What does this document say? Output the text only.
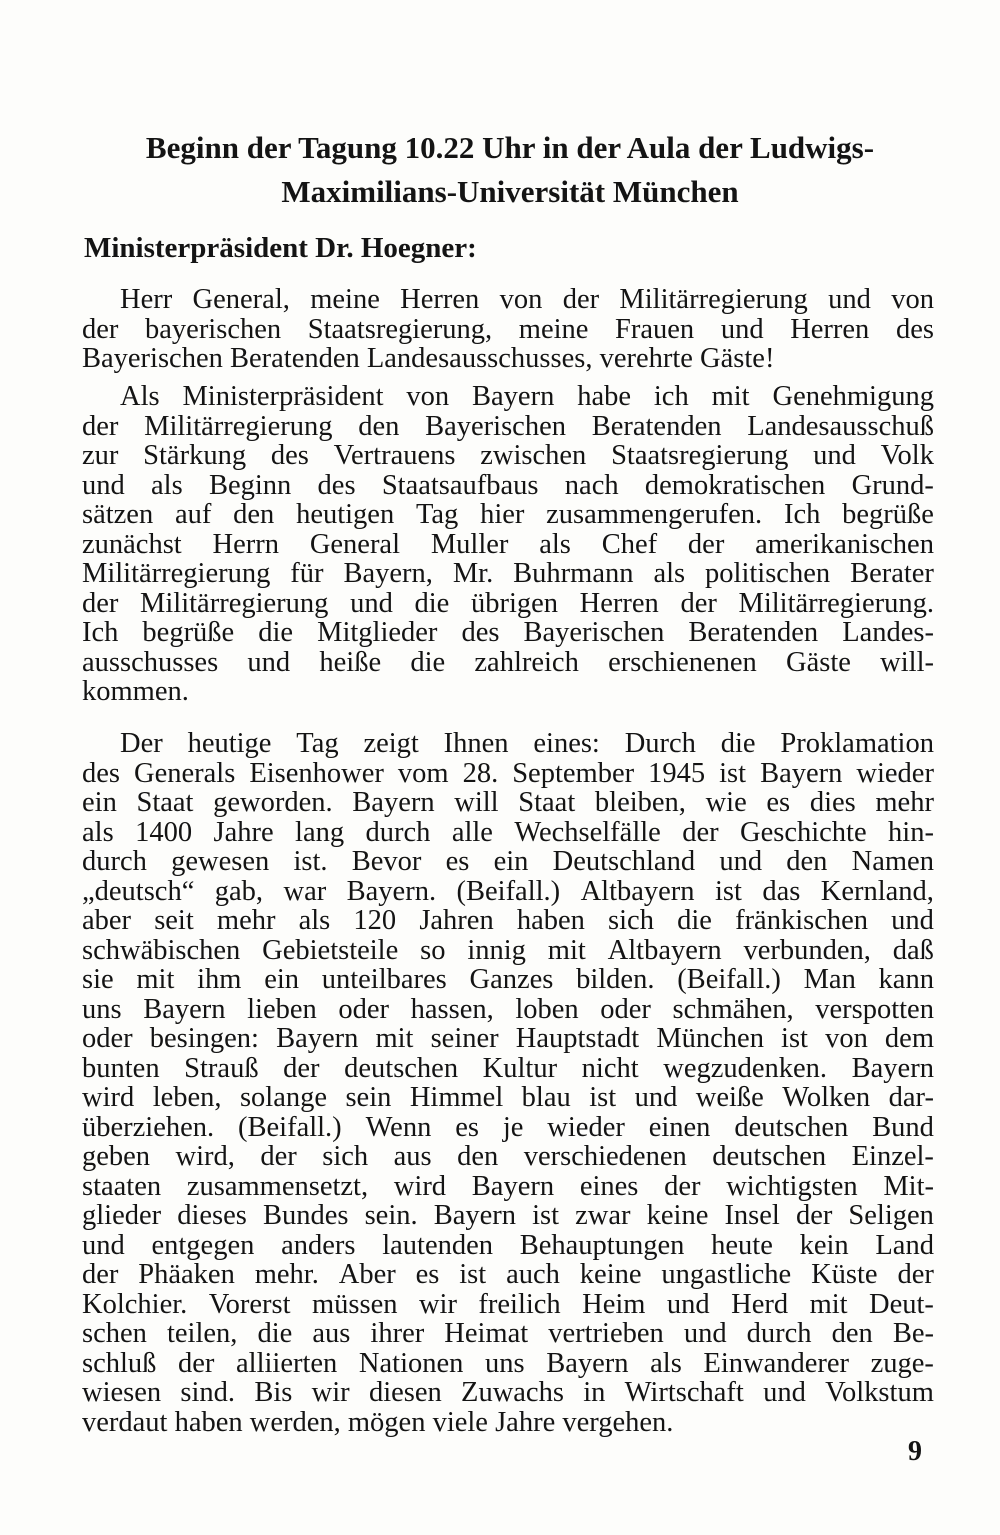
Beginn der Tagung 10.22 Uhr in der Aula der Ludwigs-
Maximilians-Universität München
Ministerpräsident Dr. Hoegner:
Herr General, meine Herren von der Militärregierung und von
der bayerischen Staatsregierung, meine Frauen und Herren des
Bayerischen Beratenden Landesausschusses, verehrte Gäste!
Als Ministerpräsident von Bayern habe ich mit Genehmigung
der Militärregierung den Bayerischen Beratenden Landesausschuß
zur Stärkung des Vertrauens zwischen Staatsregierung und Volk
und als Beginn des Staatsaufbaus nach demokratischen Grund-
sätzen auf den heutigen Tag hier zusammengerufen. Ich begrüße
zunächst Herrn General Muller als Chef der amerikanischen
Militärregierung für Bayern, Mr. Buhrmann als politischen Berater
der Militärregierung und die übrigen Herren der Militärregierung.
Ich begrüße die Mitglieder des Bayerischen Beratenden Landes-
ausschusses und heiße die zahlreich erschienenen Gäste will-
kommen.
Der heutige Tag zeigt Ihnen eines: Durch die Proklamation
des Generals Eisenhower vom 28. September 1945 ist Bayern wieder
ein Staat geworden. Bayern will Staat bleiben, wie es dies mehr
als 1400 Jahre lang durch alle Wechselfälle der Geschichte hin-
durch gewesen ist. Bevor es ein Deutschland und den Namen
„deutsch“ gab, war Bayern. (Beifall.) Altbayern ist das Kernland,
aber seit mehr als 120 Jahren haben sich die fränkischen und
schwäbischen Gebietsteile so innig mit Altbayern verbunden, daß
sie mit ihm ein unteilbares Ganzes bilden. (Beifall.) Man kann
uns Bayern lieben oder hassen, loben oder schmähen, verspotten
oder besingen: Bayern mit seiner Hauptstadt München ist von dem
bunten Strauß der deutschen Kultur nicht wegzudenken. Bayern
wird leben, solange sein Himmel blau ist und weiße Wolken dar-
überziehen. (Beifall.) Wenn es je wieder einen deutschen Bund
geben wird, der sich aus den verschiedenen deutschen Einzel-
staaten zusammensetzt, wird Bayern eines der wichtigsten Mit-
glieder dieses Bundes sein. Bayern ist zwar keine Insel der Seligen
und entgegen anders lautenden Behauptungen heute kein Land
der Phäaken mehr. Aber es ist auch keine ungastliche Küste der
Kolchier. Vorerst müssen wir freilich Heim und Herd mit Deut-
schen teilen, die aus ihrer Heimat vertrieben und durch den Be-
schluß der alliierten Nationen uns Bayern als Einwanderer zuge-
wiesen sind. Bis wir diesen Zuwachs in Wirtschaft und Volkstum
verdaut haben werden, mögen viele Jahre vergehen.
9
